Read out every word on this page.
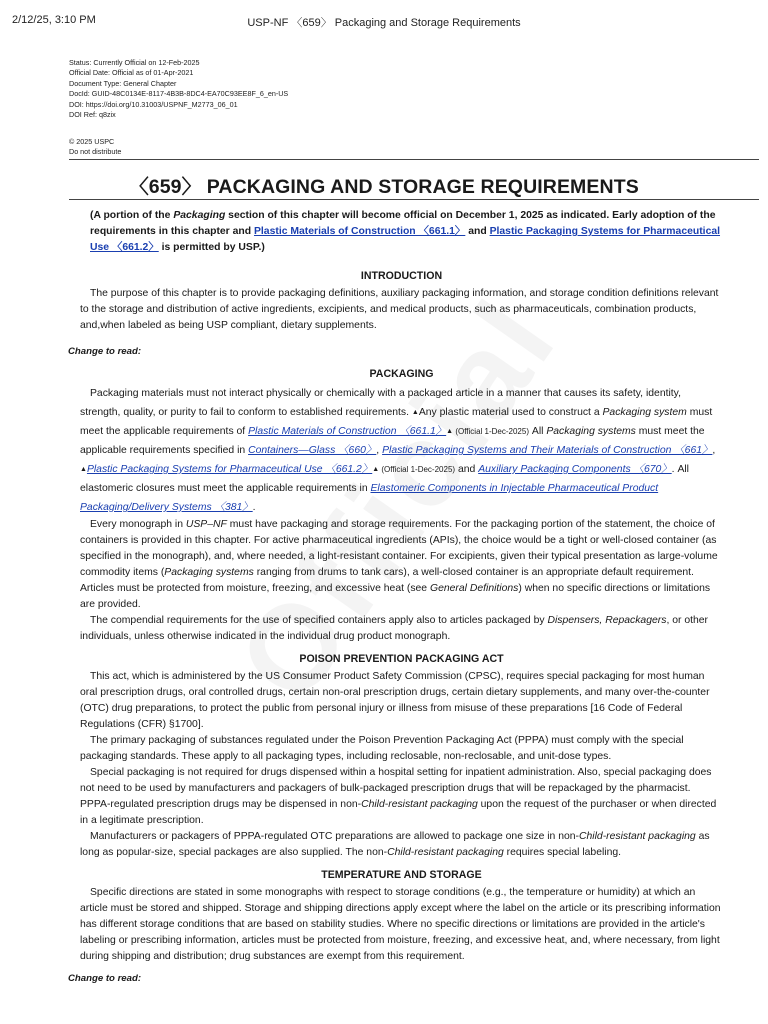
2/12/25, 3:10 PM	USP-NF 〈659〉 Packaging and Storage Requirements
Status: Currently Official on 12-Feb-2025
Official Date: Official as of 01-Apr-2021
Document Type: General Chapter
DocId: GUID-48C0134E-8117-4B3B-8DC4-EA70C93EE8F_6_en-US
DOI: https://doi.org/10.31003/USPNF_M2773_06_01
DOI Ref: q8zix
© 2025 USPC
Do not distribute
〈659〉 PACKAGING AND STORAGE REQUIREMENTS

(A portion of the Packaging section of this chapter will become official on December 1, 2025 as indicated. Early adoption of the requirements in this chapter and Plastic Materials of Construction 〈661.1〉 and Plastic Packaging Systems for Pharmaceutical Use 〈661.2〉 is permitted by USP.)

INTRODUCTION

The purpose of this chapter is to provide packaging definitions, auxiliary packaging information, and storage condition definitions relevant to the storage and distribution of active ingredients, excipients, and medical products, such as pharmaceuticals, combination products, and,when labeled as being USP compliant, dietary supplements.

Change to read:

PACKAGING

Packaging materials must not interact physically or chemically with a packaged article in a manner that causes its safety, identity, strength, quality, or purity to fail to conform to established requirements. ▲Any plastic material used to construct a Packaging system must meet the applicable requirements of Plastic Materials of Construction 〈661.1〉▲ (Official 1-Dec-2025) All Packaging systems must meet the applicable requirements specified in Containers—Glass 〈660〉, Plastic Packaging Systems and Their Materials of Construction 〈661〉, ▲Plastic Packaging Systems for Pharmaceutical Use 〈661.2〉▲ (Official 1-Dec-2025) and Auxiliary Packaging Components 〈670〉. All elastomeric closures must meet the applicable requirements in Elastomeric Components in Injectable Pharmaceutical Product Packaging/Delivery Systems 〈381〉.

Every monograph in USP–NF must have packaging and storage requirements. For the packaging portion of the statement, the choice of containers is provided in this chapter. For active pharmaceutical ingredients (APIs), the choice would be a tight or well-closed container (as specified in the monograph), and, where needed, a light-resistant container. For excipients, given their typical presentation as large-volume commodity items (Packaging systems ranging from drums to tank cars), a well-closed container is an appropriate default requirement. Articles must be protected from moisture, freezing, and excessive heat (see General Definitions) when no specific directions or limitations are provided.

The compendial requirements for the use of specified containers apply also to articles packaged by Dispensers, Repackagers, or other individuals, unless otherwise indicated in the individual drug product monograph.

POISON PREVENTION PACKAGING ACT

This act, which is administered by the US Consumer Product Safety Commission (CPSC), requires special packaging for most human oral prescription drugs, oral controlled drugs, certain non-oral prescription drugs, certain dietary supplements, and many over-the-counter (OTC) drug preparations, to protect the public from personal injury or illness from misuse of these preparations [16 Code of Federal Regulations (CFR) §1700].

The primary packaging of substances regulated under the Poison Prevention Packaging Act (PPPA) must comply with the special packaging standards. These apply to all packaging types, including reclosable, non-reclosable, and unit-dose types.

Special packaging is not required for drugs dispensed within a hospital setting for inpatient administration. Also, special packaging does not need to be used by manufacturers and packagers of bulk-packaged prescription drugs that will be repackaged by the pharmacist. PPPA-regulated prescription drugs may be dispensed in non-Child-resistant packaging upon the request of the purchaser or when directed in a legitimate prescription.

Manufacturers or packagers of PPPA-regulated OTC preparations are allowed to package one size in non-Child-resistant packaging as long as popular-size, special packages are also supplied. The non-Child-resistant packaging requires special labeling.

TEMPERATURE AND STORAGE

Specific directions are stated in some monographs with respect to storage conditions (e.g., the temperature or humidity) at which an article must be stored and shipped. Storage and shipping directions apply except where the label on the article or its prescribing information has different storage conditions that are based on stability studies. Where no specific directions or limitations are provided in the article's labeling or prescribing information, articles must be protected from moisture, freezing, and excessive heat, and, where necessary, from light during shipping and distribution; drug substances are exempt from this requirement.

Change to read:
